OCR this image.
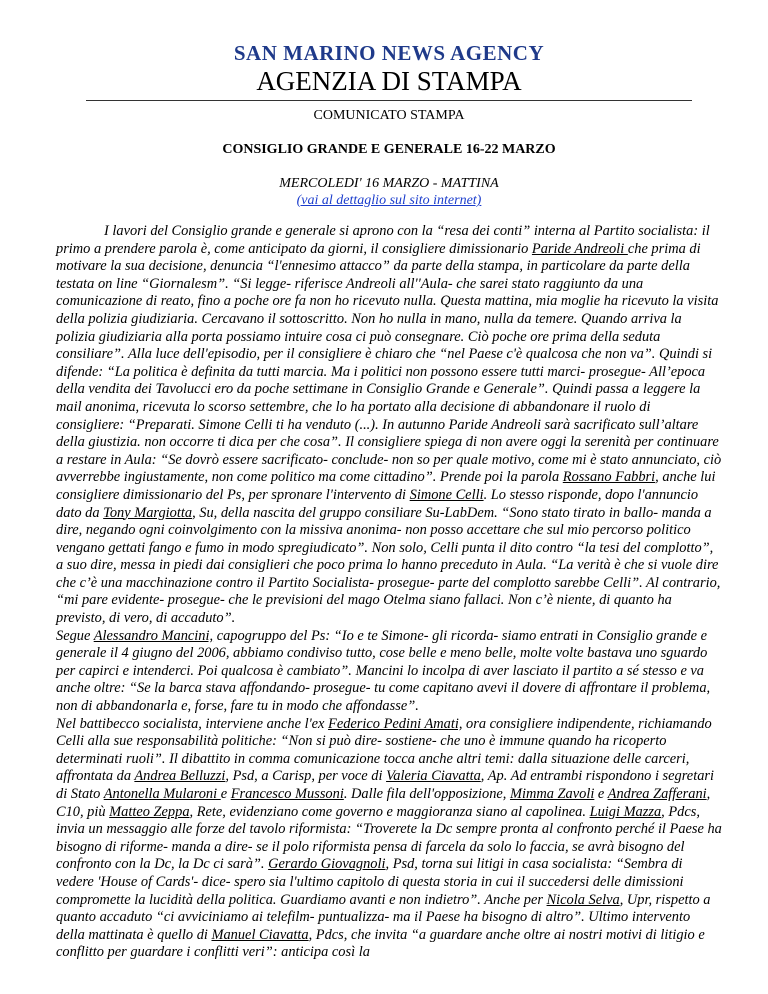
SAN MARINO NEWS AGENCY
AGENZIA DI STAMPA
COMUNICATO STAMPA
CONSIGLIO GRANDE E GENERALE 16-22 MARZO
MERCOLEDI' 16 MARZO - MATTINA
(vai al dettaglio sul sito internet)

I lavori del Consiglio grande e generale si aprono con la “resa dei conti” interna al Partito socialista: il primo a prendere parola è, come anticipato da giorni, il consigliere dimissionario Paride Andreoli che prima di motivare la sua decisione, denuncia “l'ennesimo attacco” da parte della stampa, in particolare da parte della testata on line “Giornalesm”. “Si legge- riferisce Andreoli all''Aula- che sarei stato raggiunto da una comunicazione di reato, fino a poche ore fa non ho ricevuto nulla. Questa mattina, mia moglie ha ricevuto la visita della polizia giudiziaria. Cercavano il sottoscritto. Non ho nulla in mano, nulla da temere. Quando arriva la polizia giudiziaria alla porta possiamo intuire cosa ci può consegnare. Ciò poche ore prima della seduta consiliare”. Alla luce dell'episodio, per il consigliere è chiaro che “nel Paese c'è qualcosa che non va”. Quindi si difende: “La politica è definita da tutti marcia. Ma i politici non possono essere tutti marci- prosegue- All’epoca della vendita dei Tavolucci ero da poche settimane in Consiglio Grande e Generale”. Quindi passa a leggere la mail anonima, ricevuta lo scorso settembre, che lo ha portato alla decisione di abbandonare il ruolo di consigliere: “Preparati. Simone Celli ti ha venduto (...). In autunno Paride Andreoli sarà sacrificato sull’altare della giustizia. non occorre ti dica per che cosa”. Il consigliere spiega di non avere oggi la serenità per continuare a restare in Aula: “Se dovrò essere sacrificato- conclude- non so per quale motivo, come mi è stato annunciato, ciò avverrebbe ingiustamente, non come politico ma come cittadino”. Prende poi la parola Rossano Fabbri, anche lui consigliere dimissionario del Ps, per spronare l'intervento di Simone Celli. Lo stesso risponde, dopo l'annuncio dato da Tony Margiotta, Su, della nascita del gruppo consiliare Su-LabDem. “Sono stato tirato in ballo- manda a dire, negando ogni coinvolgimento con la missiva anonima- non posso accettare che sul mio percorso politico vengano gettati fango e fumo in modo spregiudicato”. Non solo, Celli punta il dito contro “la tesi del complotto”, a suo dire, messa in piedi dai consiglieri che poco prima lo hanno preceduto in Aula. “La verità è che si vuole dire che c’è una macchinazione contro il Partito Socialista- prosegue- parte del complotto sarebbe Celli”. Al contrario, “mi pare evidente- prosegue- che le previsioni del mago Otelma siano fallaci. Non c’è niente, di quanto ha previsto, di vero, di accaduto”.

Segue Alessandro Mancini, capogruppo del Ps: “Io e te Simone- gli ricorda- siamo entrati in Consiglio grande e generale il 4 giugno del 2006, abbiamo condiviso tutto, cose belle e meno belle, molte volte bastava uno sguardo per capirci e intenderci. Poi qualcosa è cambiato”. Mancini lo incolpa di aver lasciato il partito a sé stesso e va anche oltre: “Se la barca stava affondando- prosegue- tu come capitano avevi il dovere di affrontare il problema, non di abbandonarla e, forse, fare tu in modo che affondasse”.

Nel battibecco socialista, interviene anche l'ex Federico Pedini Amati, ora consigliere indipendente, richiamando Celli alla sue responsabilità politiche: “Non si può dire- sostiene- che uno è immune quando ha ricoperto determinati ruoli”. Il dibattito in comma comunicazione tocca anche altri temi: dalla situazione delle carceri, affrontata da Andrea Belluzzi, Psd, a Carisp, per voce di Valeria Ciavatta, Ap. Ad entrambi rispondono i segretari di Stato Antonella Mularoni e Francesco Mussoni. Dalle fila dell'opposizione, Mimma Zavoli e Andrea Zafferani, C10, più Matteo Zeppa, Rete, evidenziano come governo e maggioranza siano al capolinea. Luigi Mazza, Pdcs, invia un messaggio alle forze del tavolo riformista: “Troverete la Dc sempre pronta al confronto perché il Paese ha bisogno di riforme- manda a dire- se il polo riformista pensa di farcela da solo lo faccia, se avrà bisogno del confronto con la Dc, la Dc ci sarà”. Gerardo Giovagnoli, Psd, torna sui litigi in casa socialista: “Sembra di vedere 'House of Cards'- dice- spero sia l'ultimo capitolo di questa storia in cui il succedersi delle dimissioni compromette la lucidità della politica. Guardiamo avanti e non indietro”. Anche per Nicola Selva, Upr, rispetto a quanto accaduto “ci avviciniamo ai telefilm- puntualizza- ma il Paese ha bisogno di altro”. Ultimo intervento della mattinata è quello di Manuel Ciavatta, Pdcs, che invita “a guardare anche oltre ai nostri motivi di litigio e conflitto per guardare i conflitti veri”: anticipa così la
